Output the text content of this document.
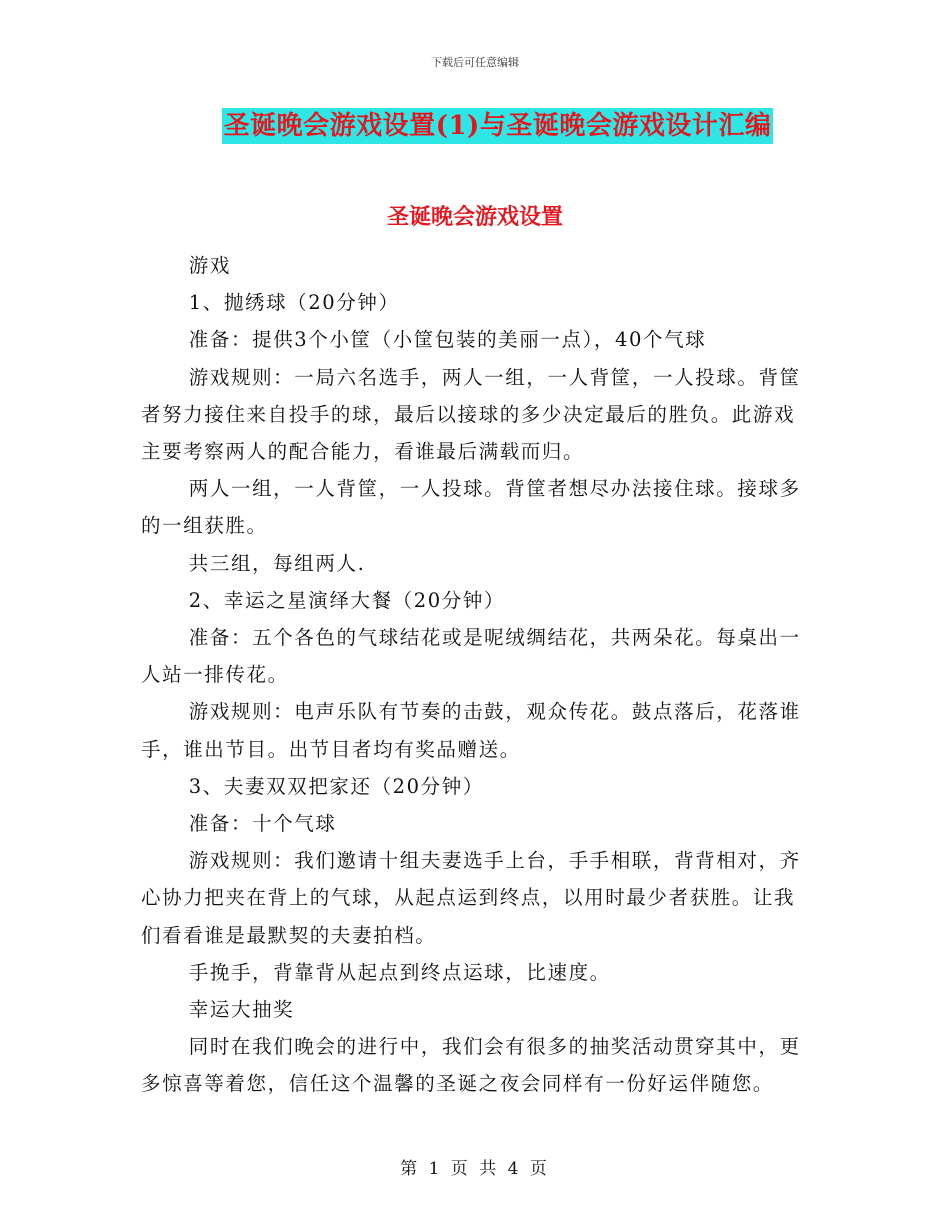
下载后可任意编辑
圣诞晚会游戏设置(1)与圣诞晚会游戏设计汇编
圣诞晚会游戏设置

游戏

1、抛绣球（20分钟）

准备：提供3个小筐（小筐包装的美丽一点），40个气球

游戏规则：一局六名选手，两人一组，一人背筐，一人投球。背筐者努力接住来自投手的球，最后以接球的多少决定最后的胜负。此游戏主要考察两人的配合能力，看谁最后满载而归。

两人一组，一人背筐，一人投球。背筐者想尽办法接住球。接球多的一组获胜。

共三组，每组两人.

2、幸运之星演绎大餐（20分钟）

准备：五个各色的气球结花或是呢绒绸结花，共两朵花。每桌出一人站一排传花。

游戏规则：电声乐队有节奏的击鼓，观众传花。鼓点落后，花落谁手，谁出节目。出节目者均有奖品赠送。

3、夫妻双双把家还（20分钟）

准备：十个气球

游戏规则：我们邀请十组夫妻选手上台，手手相联，背背相对，齐心协力把夹在背上的气球，从起点运到终点，以用时最少者获胜。让我们看看谁是最默契的夫妻拍档。

手挽手，背靠背从起点到终点运球，比速度。

幸运大抽奖

同时在我们晚会的进行中，我们会有很多的抽奖活动贯穿其中，更多惊喜等着您，信任这个温馨的圣诞之夜会同样有一份好运伴随您。

第 1 页 共 4 页
